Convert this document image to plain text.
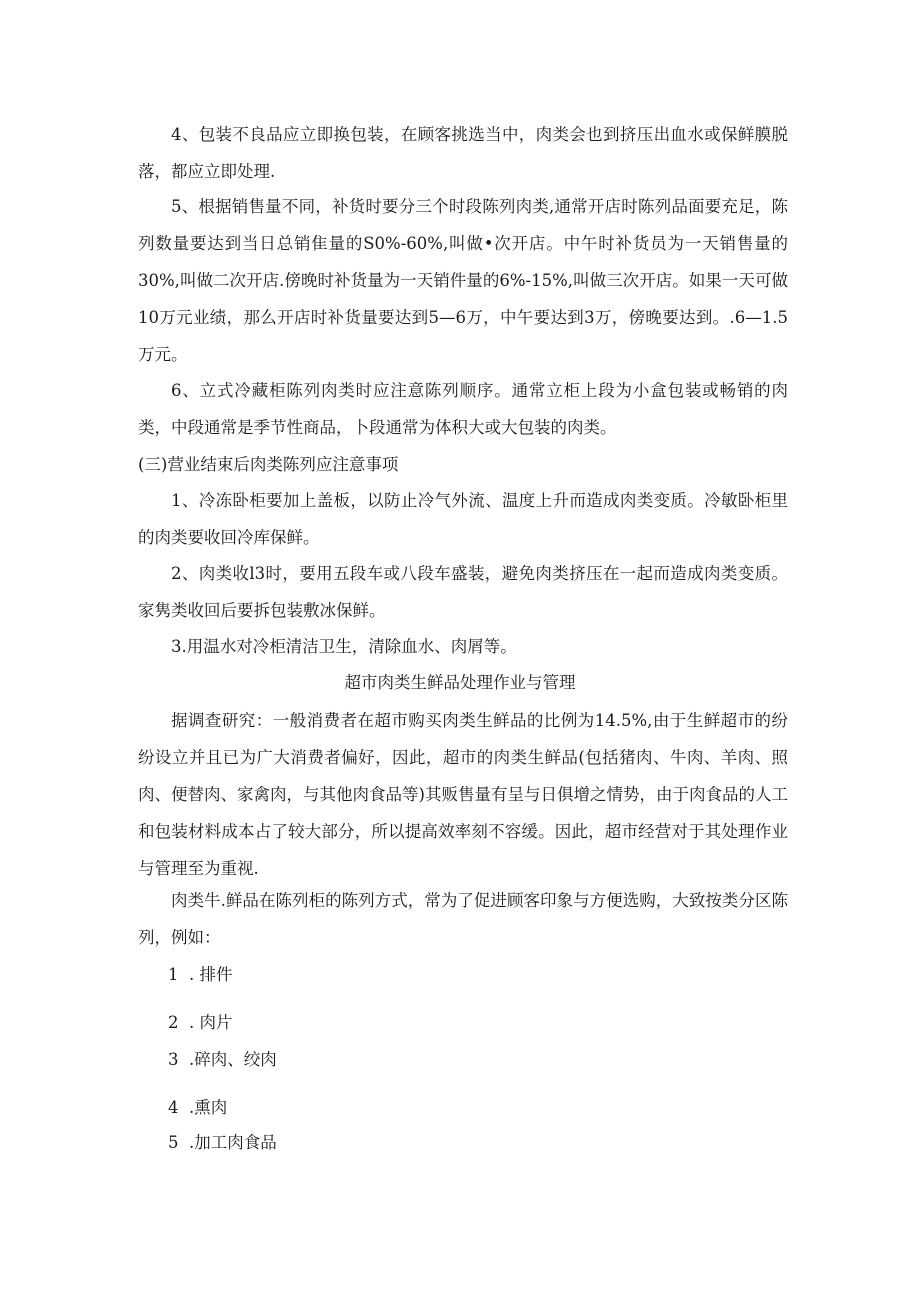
4、包装不良品应立即换包装，在顾客挑选当中，肉类会也到挤压出血水或保鲜膜脱落，都应立即处理.

5、根据销售量不同，补货时要分三个时段陈列肉类,通常开店时陈列品面要充足，陈列数量要达到当日总销隹量的S0%-60%,叫做•次开店。中午时补货员为一天销售量的30%,叫做二次开店.傍晚时补货量为一天销件量的6%-15%,叫做三次开店。如果一天可做10万元业绩，那么开店时补货量要达到5—6万，中午要达到3万，傍晚要达到。.6—1.5万元。

6、立式冷藏柜陈列肉类时应注意陈列顺序。通常立柜上段为小盒包装或畅销的肉类，中段通常是季节性商品，卜段通常为体积大或大包装的肉类。

(三)营业结束后肉类陈列应注意事项

1、冷冻卧柜要加上盖板，以防止冷气外流、温度上升而造成肉类变质。冷敏卧柜里的肉类要收回冷库保鲜。

2、肉类收l3时，要用五段车或八段车盛装，避免肉类挤压在一起而造成肉类变质。家隽类收回后要拆包装敷冰保鲜。

3.用温水对冷柜清洁卫生，清除血水、肉屑等。

超市肉类生鲜品处理作业与管理

据调查研究：一般消费者在超市购买肉类生鲜品的比例为14.5%,由于生鲜超市的纷纷设立并且已为广大消费者偏好，因此，超市的肉类生鲜品(包括猪肉、牛肉、羊肉、照肉、便替肉、家禽肉，与其他肉食品等)其贩售量有呈与日俱增之情势，由于肉食品的人工和包装材料成本占了较大部分，所以提高效率刻不容缓。因此，超市经营对于其处理作业与管理至为重视.

肉类牛.鲜品在陈列柜的陈列方式，常为了促进顾客印象与方便选购，大致按类分区陈列，例如：

1  . 排件

2  . 肉片

3  .碎肉、绞肉

4  .熏肉

5  .加工肉食品
